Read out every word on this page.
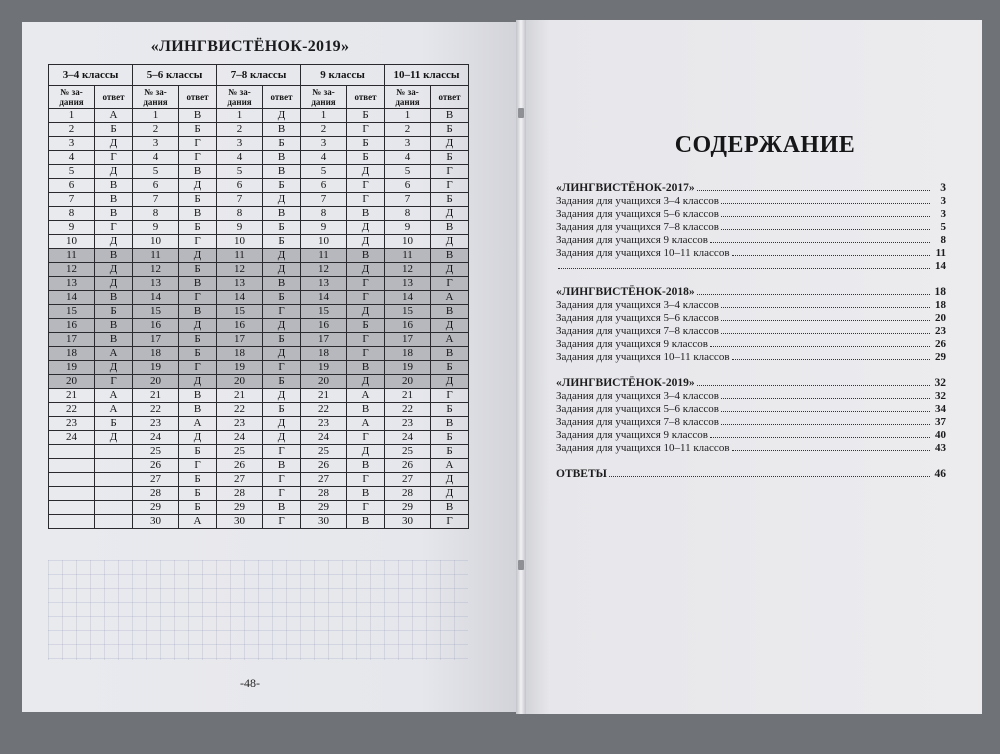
«ЛИНГВИСТЁНОК-2019»
3–4 классы		5–6 классы		7–8 классы		9 классы		10–11 классы	
№ за-дания	ответ	№ за-дания	ответ	№ за-дания	ответ	№ за-дания	ответ	№ за-дания	ответ
1	А	1	В	1	Д	1	Б	1	В
2	Б	2	Б	2	В	2	Г	2	Б
3	Д	3	Г	3	Б	3	Б	3	Д
4	Г	4	Г	4	В	4	Б	4	Б
5	Д	5	В	5	В	5	Д	5	Г
6	В	6	Д	6	Б	6	Г	6	Г
7	В	7	Б	7	Д	7	Г	7	Б
8	В	8	В	8	В	8	В	8	Д
9	Г	9	Б	9	Б	9	Д	9	В
10	Д	10	Г	10	Б	10	Д	10	Д
11	В	11	Д	11	Д	11	В	11	В
12	Д	12	Б	12	Д	12	Д	12	Д
13	Д	13	В	13	В	13	Г	13	Г
14	В	14	Г	14	Б	14	Г	14	А
15	Б	15	В	15	Г	15	Д	15	В
16	В	16	Д	16	Д	16	Б	16	Д
17	В	17	Б	17	Б	17	Г	17	А
18	А	18	Б	18	Д	18	Г	18	В
19	Д	19	Г	19	Г	19	В	19	Б
20	Г	20	Д	20	Б	20	Д	20	Д
21	А	21	В	21	Д	21	А	21	Г
22	А	22	В	22	Б	22	В	22	Б
23	Б	23	А	23	Д	23	А	23	В
24	Д	24	Д	24	Д	24	Г	24	Б
		25	Б	25	Г	25	Д	25	Б
		26	Г	26	В	26	В	26	А
		27	Б	27	Г	27	Г	27	Д
		28	Б	28	Г	28	В	28	Д
		29	Б	29	В	29	Г	29	В
		30	А	30	Г	30	В	30	Г
-48-
СОДЕРЖАНИЕ
«ЛИНГВИСТЁНОК-2017»	3
Задания для учащихся 3–4 классов	3
Задания для учащихся 5–6 классов	3
Задания для учащихся 7–8 классов	5
Задания для учащихся 9 классов	8
Задания для учащихся 10–11 классов	11
14
«ЛИНГВИСТЁНОК-2018»	18
Задания для учащихся 3–4 классов	18
Задания для учащихся 5–6 классов	20
Задания для учащихся 7–8 классов	23
Задания для учащихся 9 классов	26
Задания для учащихся 10–11 классов	29
«ЛИНГВИСТЁНОК-2019»	32
Задания для учащихся 3–4 классов	32
Задания для учащихся 5–6 классов	34
Задания для учащихся 7–8 классов	37
Задания для учащихся 9 классов	40
Задания для учащихся 10–11 классов	43
ОТВЕТЫ	46
